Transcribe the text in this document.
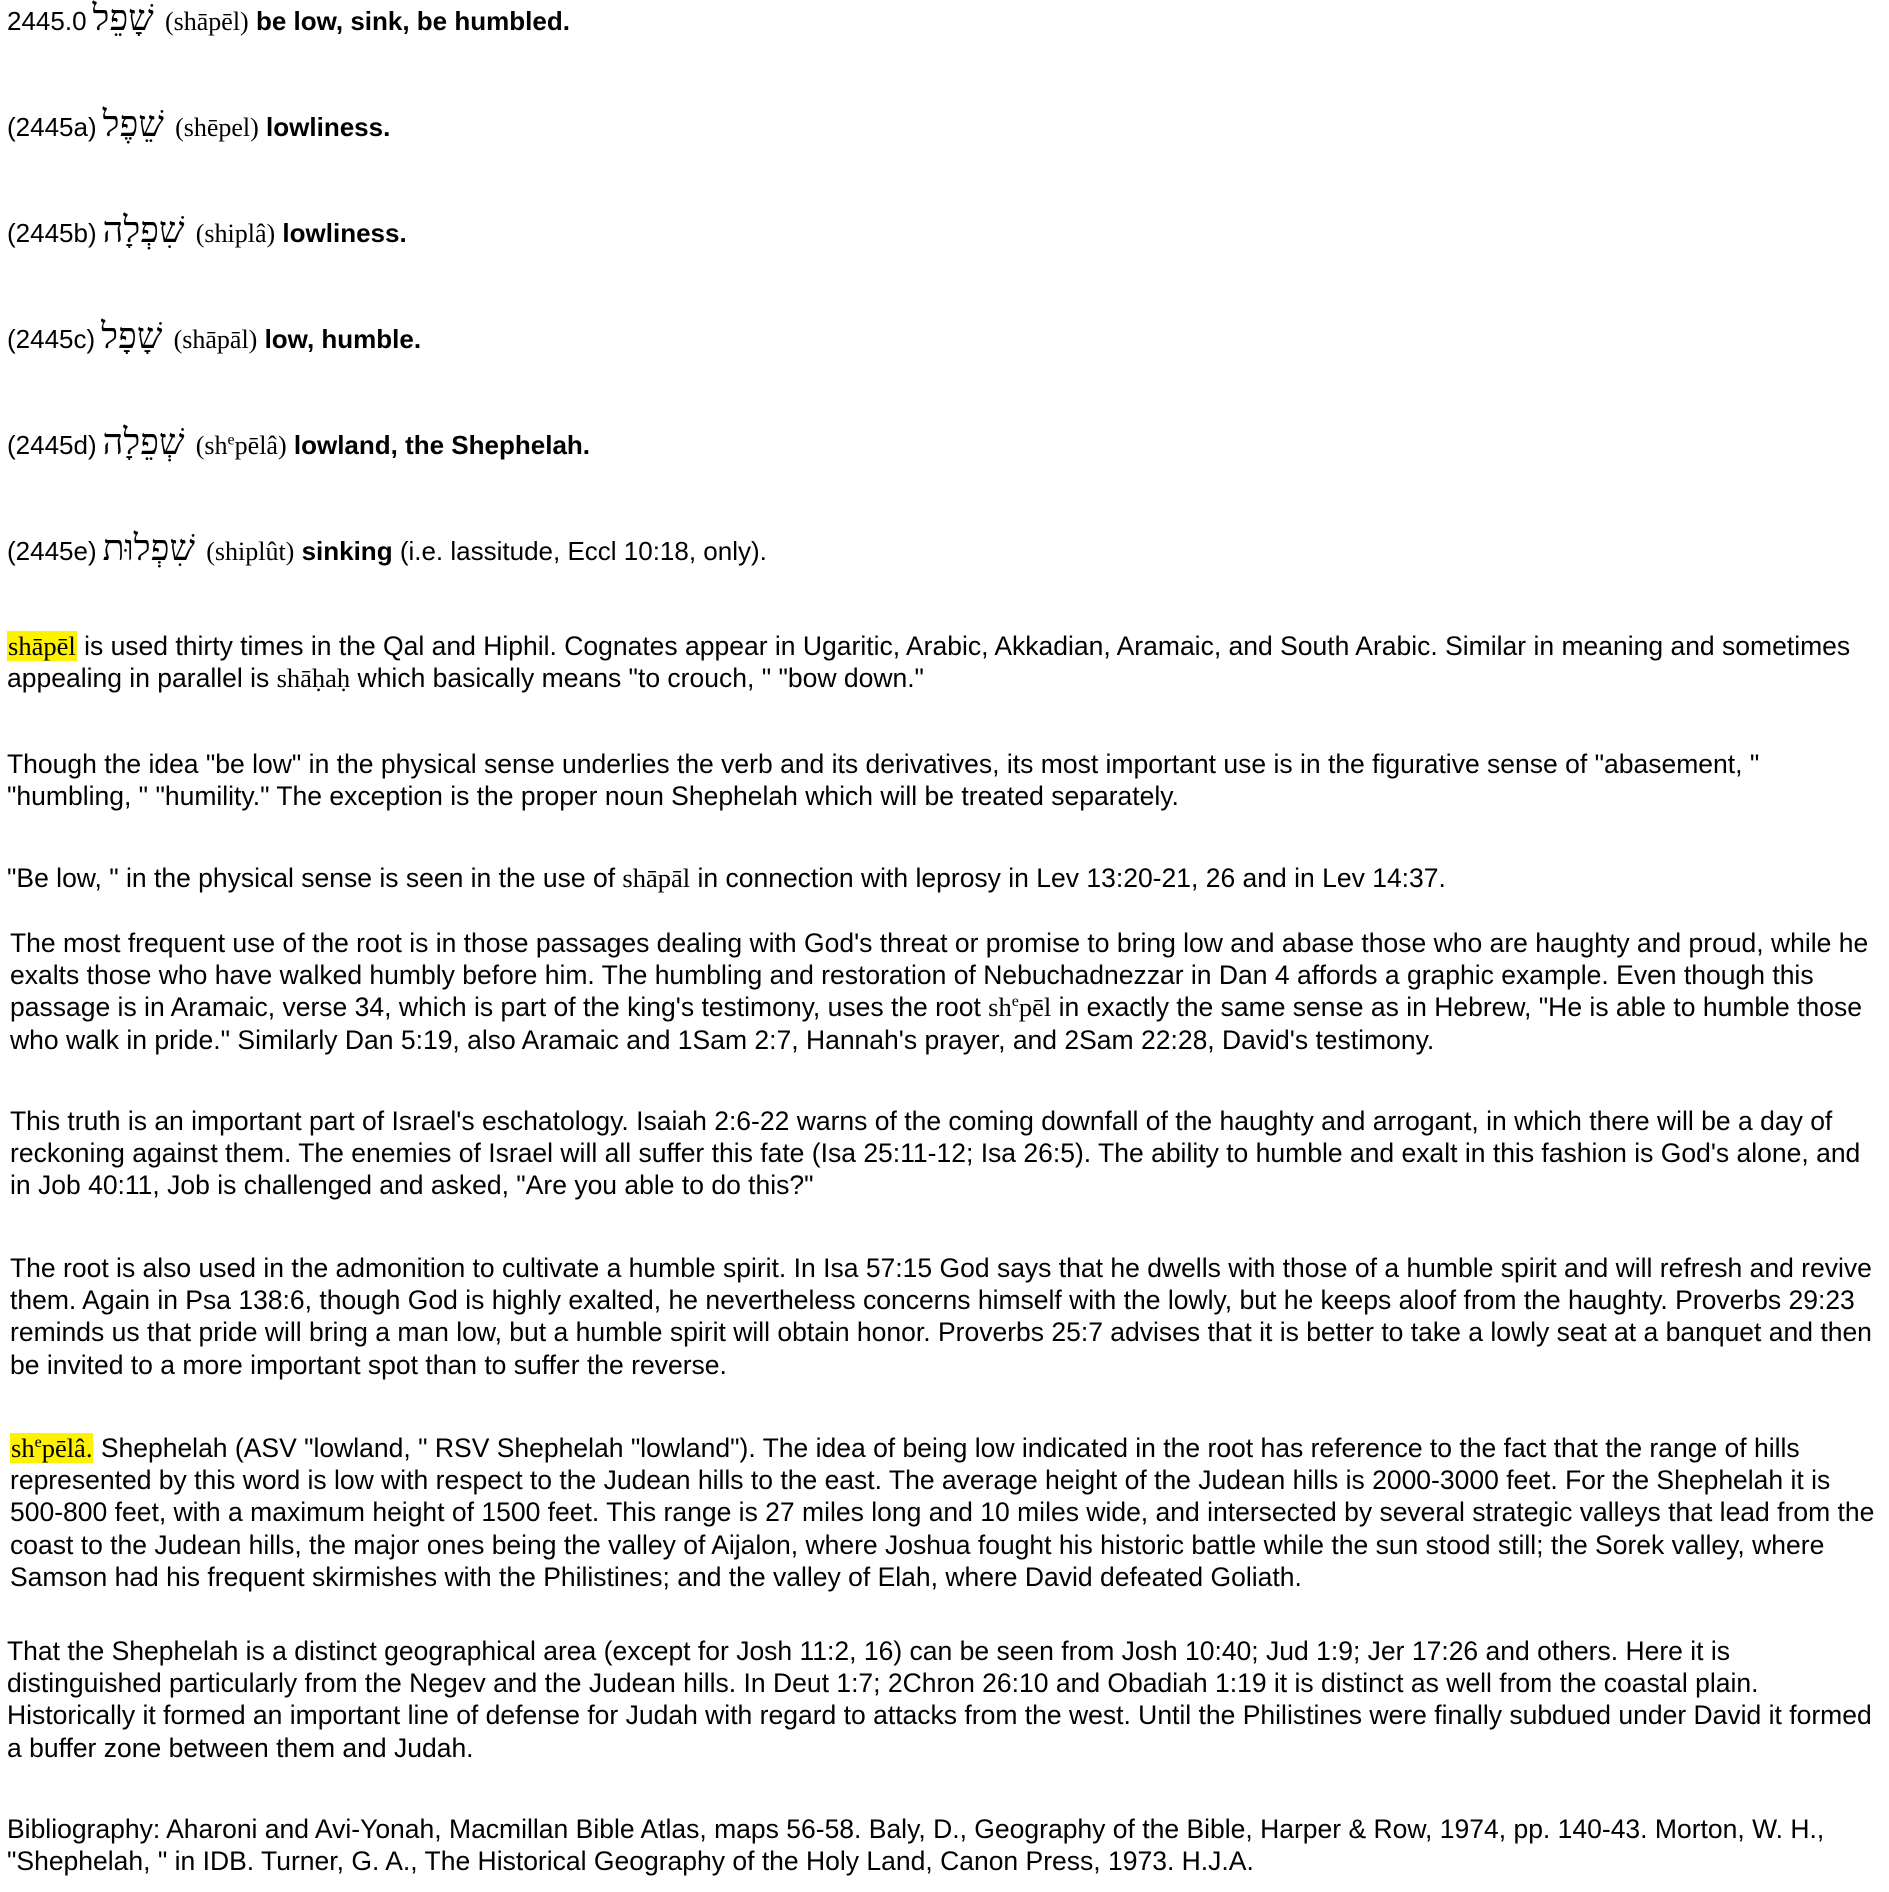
2445.0 שָׁפֵל (shāpēl) be low, sink, be humbled.
(2445a) שֵׁפֶל (shēpel) lowliness.
(2445b) שִׁפְלָה (shiplâ) lowliness.
(2445c) שָׁפָל (shāpāl) low, humble.
(2445d) שְׁפֵלָה $(sh^epēlâ)$ lowland, the Shephelah.
(2445e) שִׁפְלוּת (shiplût) sinking (i.e. lassitude, Eccl 10:18, only).

shāpēl is used thirty times in the Qal and Hiphil. Cognates appear in Ugaritic, Arabic, Akkadian, Aramaic, and South Arabic. Similar in meaning and sometimes appealing in parallel is shāḥaḥ which basically means "to crouch, " "bow down."

Though the idea "be low" in the physical sense underlies the verb and its derivatives, its most important use is in the figurative sense of "abasement, " "humbling, " "humility." The exception is the proper noun Shephelah which will be treated separately.

"Be low, " in the physical sense is seen in the use of shāpāl in connection with leprosy in Lev 13:20-21, 26 and in Lev 14:37.

The most frequent use of the root is in those passages dealing with God's threat or promise to bring low and abase those who are haughty and proud, while he exalts those who have walked humbly before him. The humbling and restoration of Nebuchadnezzar in Dan 4 affords a graphic example. Even though this passage is in Aramaic, verse 34, which is part of the king's testimony, uses the root $sh^epēl$ in exactly the same sense as in Hebrew, "He is able to humble those who walk in pride." Similarly Dan 5:19, also Aramaic and 1Sam 2:7, Hannah's prayer, and 2Sam 22:28, David's testimony.

This truth is an important part of Israel's eschatology. Isaiah 2:6-22 warns of the coming downfall of the haughty and arrogant, in which there will be a day of reckoning against them. The enemies of Israel will all suffer this fate (Isa 25:11-12; Isa 26:5). The ability to humble and exalt in this fashion is God's alone, and in Job 40:11, Job is challenged and asked, "Are you able to do this?"

The root is also used in the admonition to cultivate a humble spirit. In Isa 57:15 God says that he dwells with those of a humble spirit and will refresh and revive them. Again in Psa 138:6, though God is highly exalted, he nevertheless concerns himself with the lowly, but he keeps aloof from the haughty. Proverbs 29:23 reminds us that pride will bring a man low, but a humble spirit will obtain honor. Proverbs 25:7 advises that it is better to take a lowly seat at a banquet and then be invited to a more important spot than to suffer the reverse.

$sh^epēlâ$. Shephelah (ASV "lowland, " RSV Shephelah "lowland"). The idea of being low indicated in the root has reference to the fact that the range of hills represented by this word is low with respect to the Judean hills to the east. The average height of the Judean hills is 2000-3000 feet. For the Shephelah it is 500-800 feet, with a maximum height of 1500 feet. This range is 27 miles long and 10 miles wide, and intersected by several strategic valleys that lead from the coast to the Judean hills, the major ones being the valley of Aijalon, where Joshua fought his historic battle while the sun stood still; the Sorek valley, where Samson had his frequent skirmishes with the Philistines; and the valley of Elah, where David defeated Goliath.

That the Shephelah is a distinct geographical area (except for Josh 11:2, 16) can be seen from Josh 10:40; Jud 1:9; Jer 17:26 and others. Here it is distinguished particularly from the Negev and the Judean hills. In Deut 1:7; 2Chron 26:10 and Obadiah 1:19 it is distinct as well from the coastal plain. Historically it formed an important line of defense for Judah with regard to attacks from the west. Until the Philistines were finally subdued under David it formed a buffer zone between them and Judah.

Bibliography: Aharoni and Avi-Yonah, Macmillan Bible Atlas, maps 56-58. Baly, D., Geography of the Bible, Harper & Row, 1974, pp. 140-43. Morton, W. H., "Shephelah, " in IDB. Turner, G. A., The Historical Geography of the Holy Land, Canon Press, 1973. H.J.A.
